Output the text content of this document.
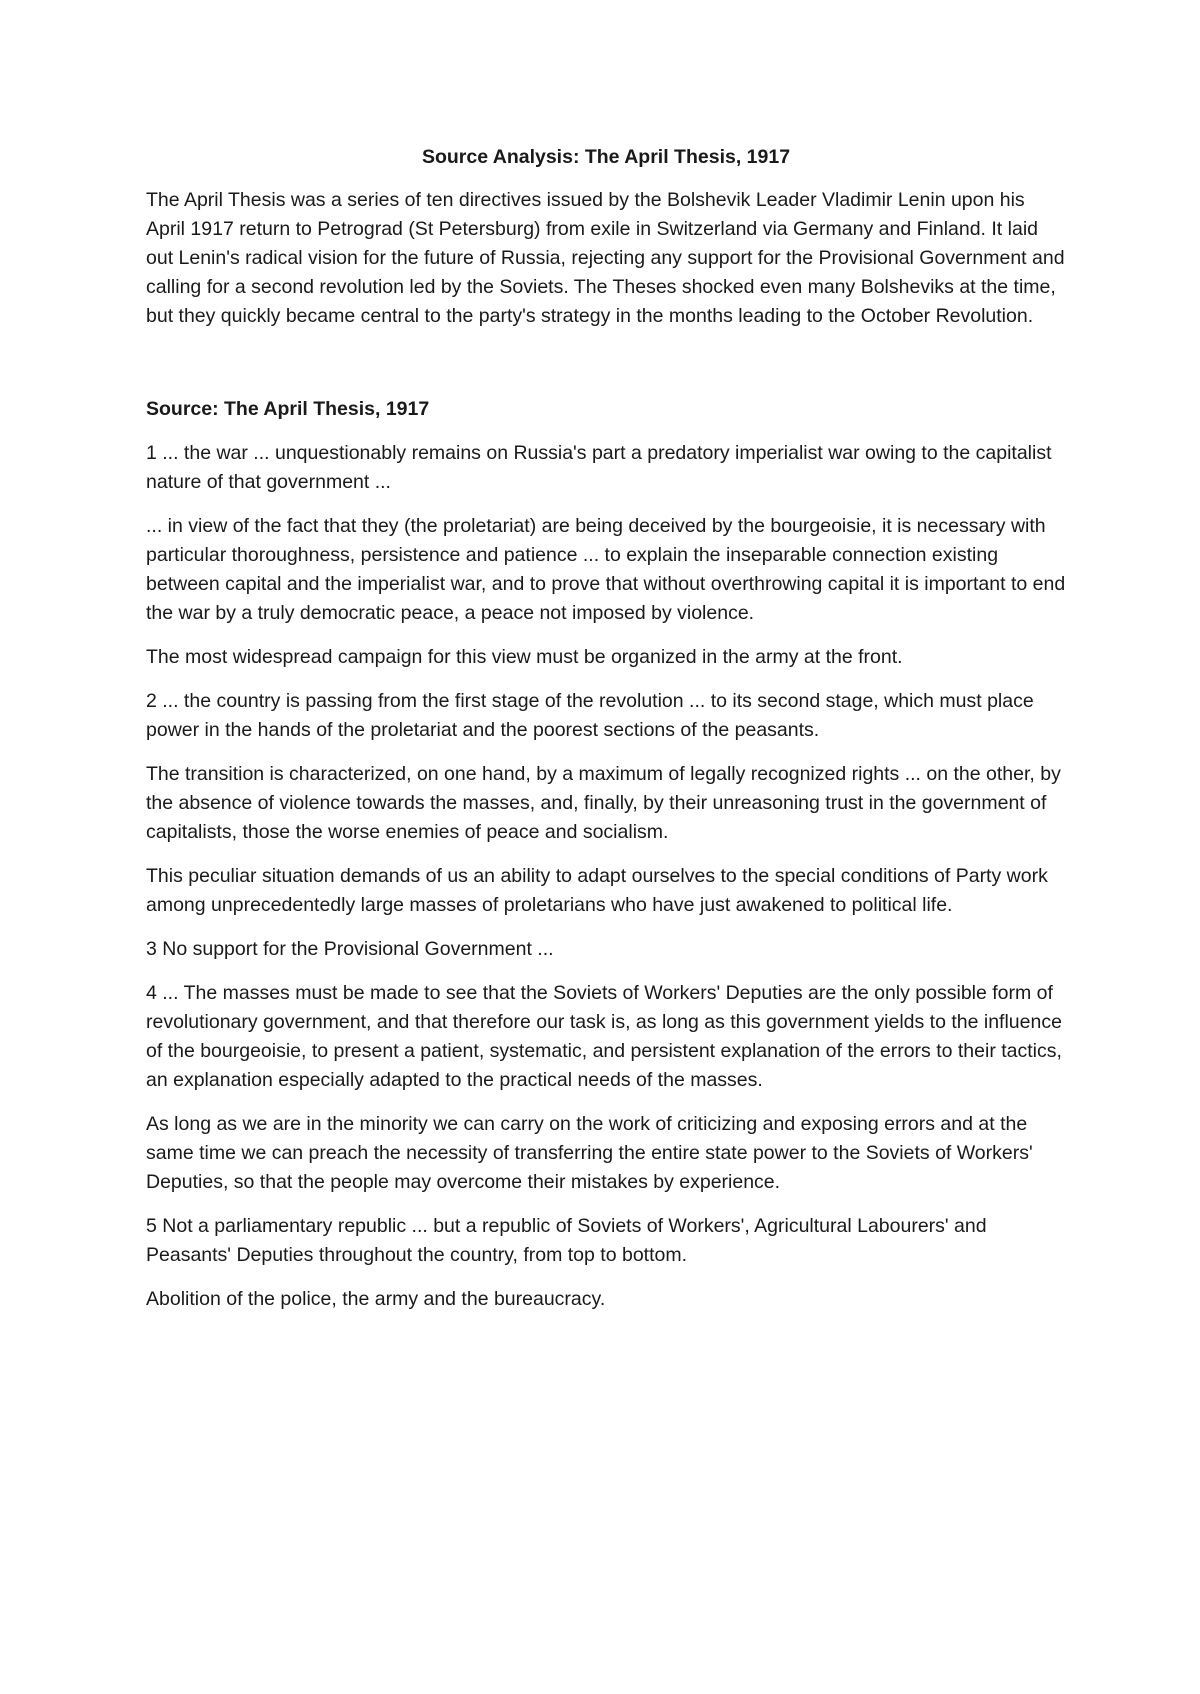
Source Analysis: The April Thesis, 1917

The April Thesis was a series of ten directives issued by the Bolshevik Leader Vladimir Lenin upon his April 1917 return to Petrograd (St Petersburg) from exile in Switzerland via Germany and Finland. It laid out Lenin's radical vision for the future of Russia, rejecting any support for the Provisional Government and calling for a second revolution led by the Soviets. The Theses shocked even many Bolsheviks at the time, but they quickly became central to the party's strategy in the months leading to the October Revolution.

Source: The April Thesis, 1917

1 ... the war ... unquestionably remains on Russia's part a predatory imperialist war owing to the capitalist nature of that government ...

... in view of the fact that they (the proletariat) are being deceived by the bourgeoisie, it is necessary with particular thoroughness, persistence and patience ... to explain the inseparable connection existing between capital and the imperialist war, and to prove that without overthrowing capital it is important to end the war by a truly democratic peace, a peace not imposed by violence.

The most widespread campaign for this view must be organized in the army at the front.

2 ... the country is passing from the first stage of the revolution ... to its second stage, which must place power in the hands of the proletariat and the poorest sections of the peasants.

The transition is characterized, on one hand, by a maximum of legally recognized rights ... on the other, by the absence of violence towards the masses, and, finally, by their unreasoning trust in the government of capitalists, those the worse enemies of peace and socialism.

This peculiar situation demands of us an ability to adapt ourselves to the special conditions of Party work among unprecedentedly large masses of proletarians who have just awakened to political life.

3 No support for the Provisional Government ...

4 ... The masses must be made to see that the Soviets of Workers' Deputies are the only possible form of revolutionary government, and that therefore our task is, as long as this government yields to the influence of the bourgeoisie, to present a patient, systematic, and persistent explanation of the errors to their tactics, an explanation especially adapted to the practical needs of the masses.

As long as we are in the minority we can carry on the work of criticizing and exposing errors and at the same time we can preach the necessity of transferring the entire state power to the Soviets of Workers' Deputies, so that the people may overcome their mistakes by experience.

5 Not a parliamentary republic ... but a republic of Soviets of Workers', Agricultural Labourers' and Peasants' Deputies throughout the country, from top to bottom.

Abolition of the police, the army and the bureaucracy.
